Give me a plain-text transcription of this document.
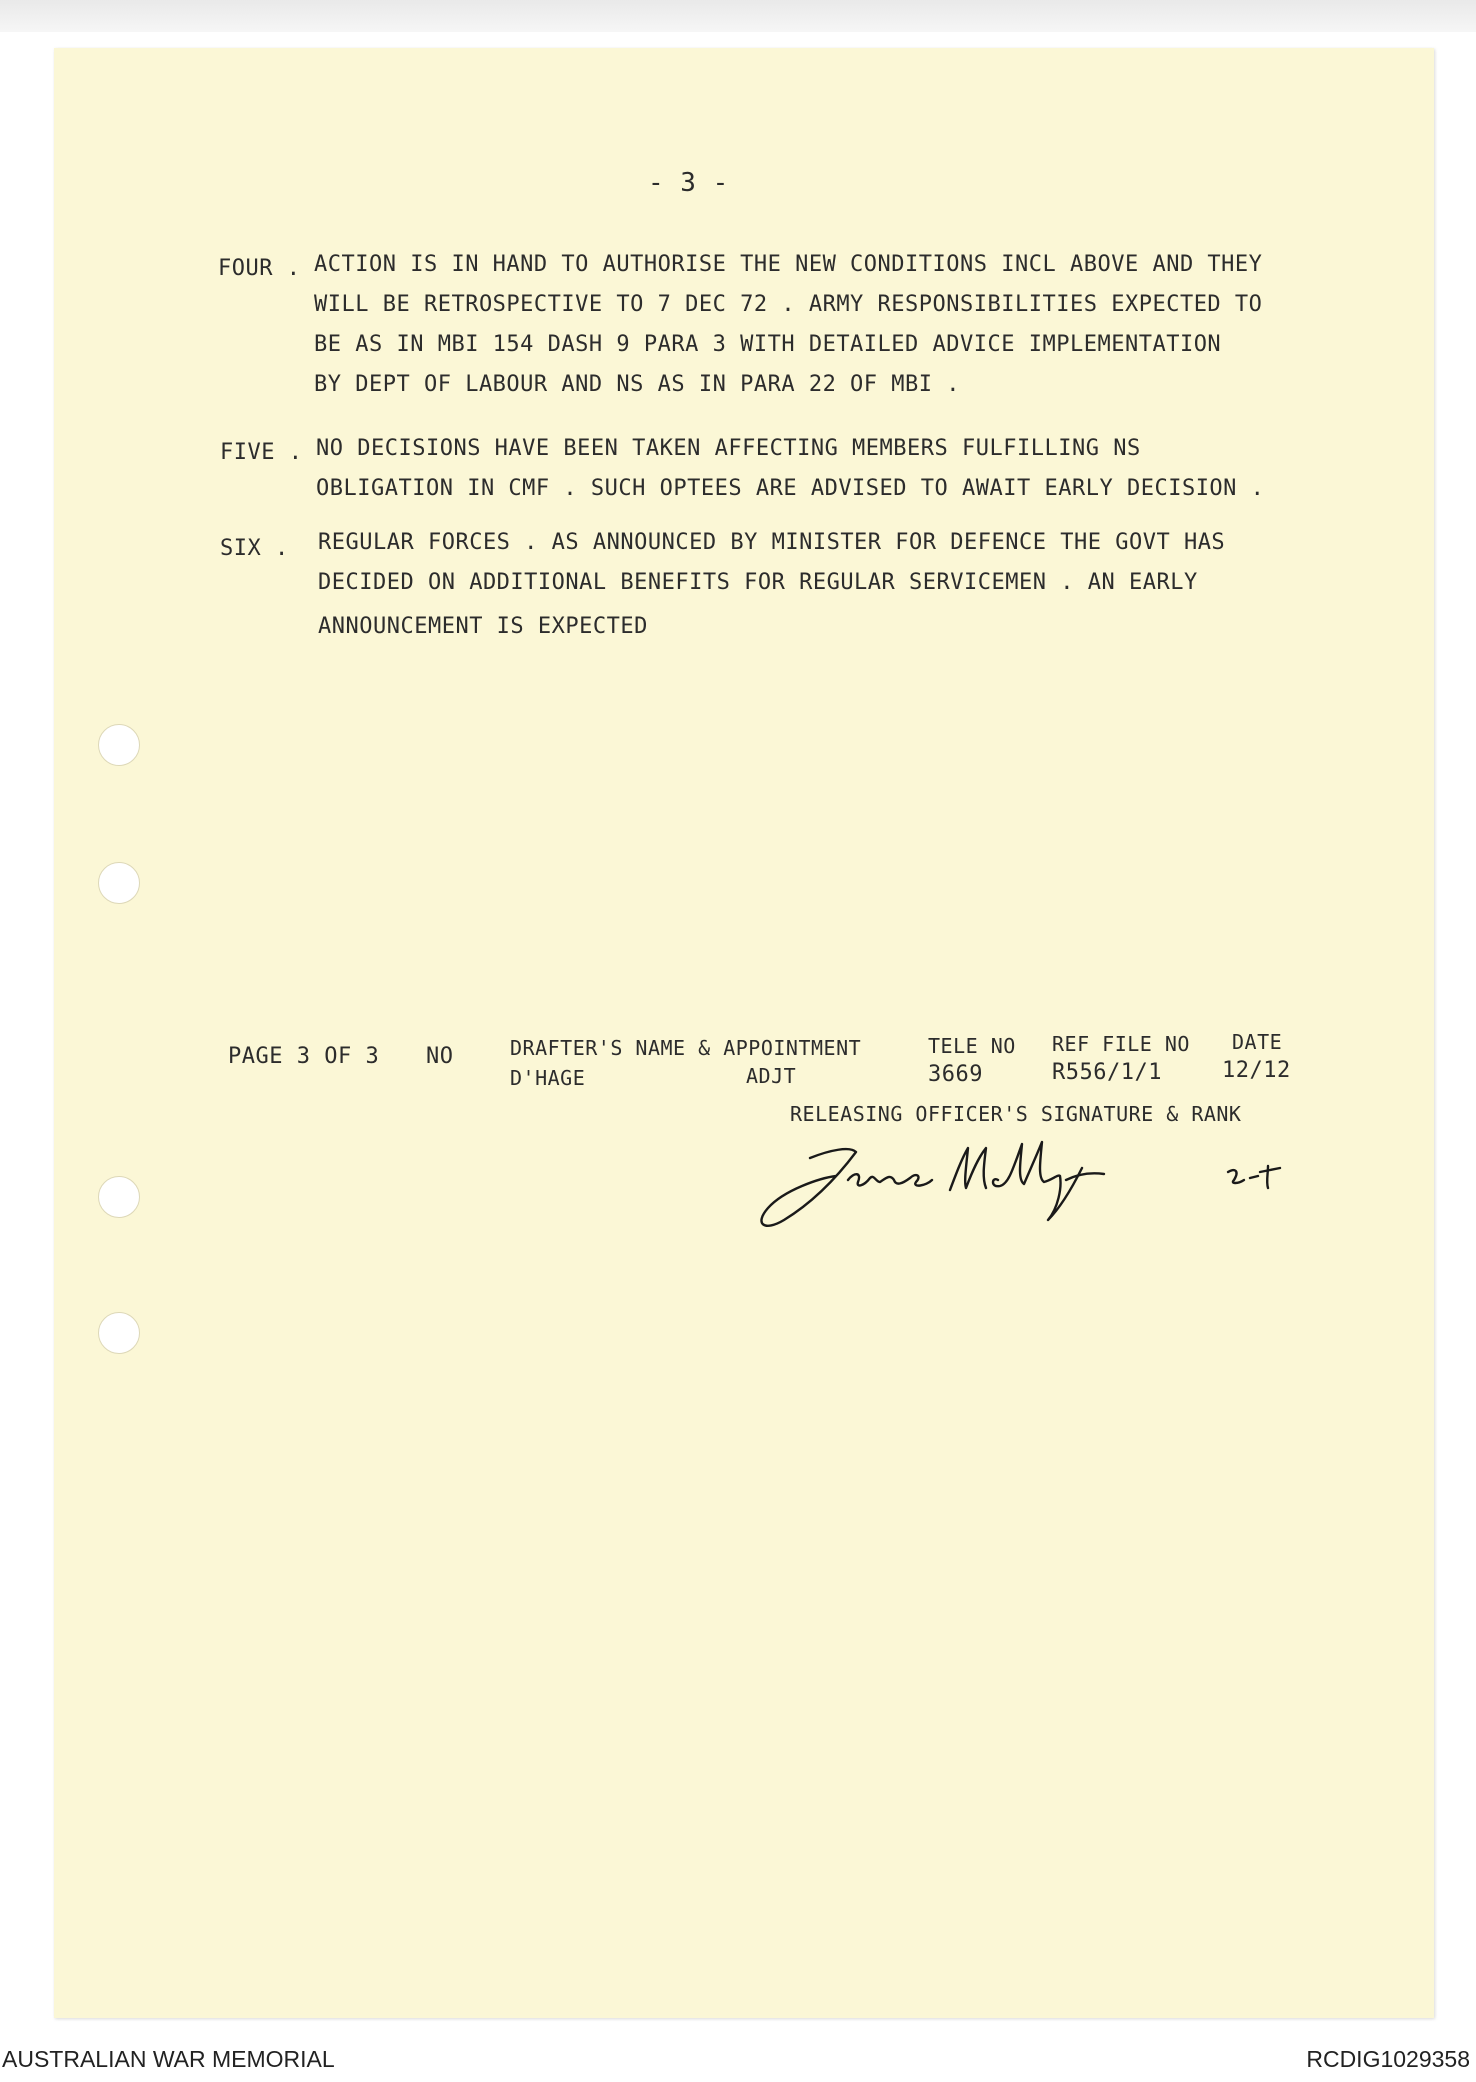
- 3 -
FOUR . ACTION IS IN HAND TO AUTHORISE THE NEW CONDITIONS INCL ABOVE AND THEY
WILL BE RETROSPECTIVE TO 7 DEC 72 . ARMY RESPONSIBILITIES EXPECTED TO
BE AS IN MBI 154 DASH 9 PARA 3 WITH DETAILED ADVICE IMPLEMENTATION
BY DEPT OF LABOUR AND NS AS IN PARA 22 OF MBI .
FIVE . NO DECISIONS HAVE BEEN TAKEN AFFECTING MEMBERS FULFILLING NS
OBLIGATION IN CMF . SUCH OPTEES ARE ADVISED TO AWAIT EARLY DECISION .
SIX . REGULAR FORCES . AS ANNOUNCED BY MINISTER FOR DEFENCE THE GOVT HAS
DECIDED ON ADDITIONAL BENEFITS FOR REGULAR SERVICEMEN . AN EARLY
ANNOUNCEMENT IS EXPECTED
PAGE 3 OF 3 NO	DRAFTER'S NAME & APPOINTMENT
D'HAGE	ADJT
TELE NO
3669
REF FILE NO
R556/1/1
DATE
12/12
RELEASING OFFICER'S SIGNATURE & RANK
AUSTRALIAN WAR MEMORIAL	RCDIG1029358
